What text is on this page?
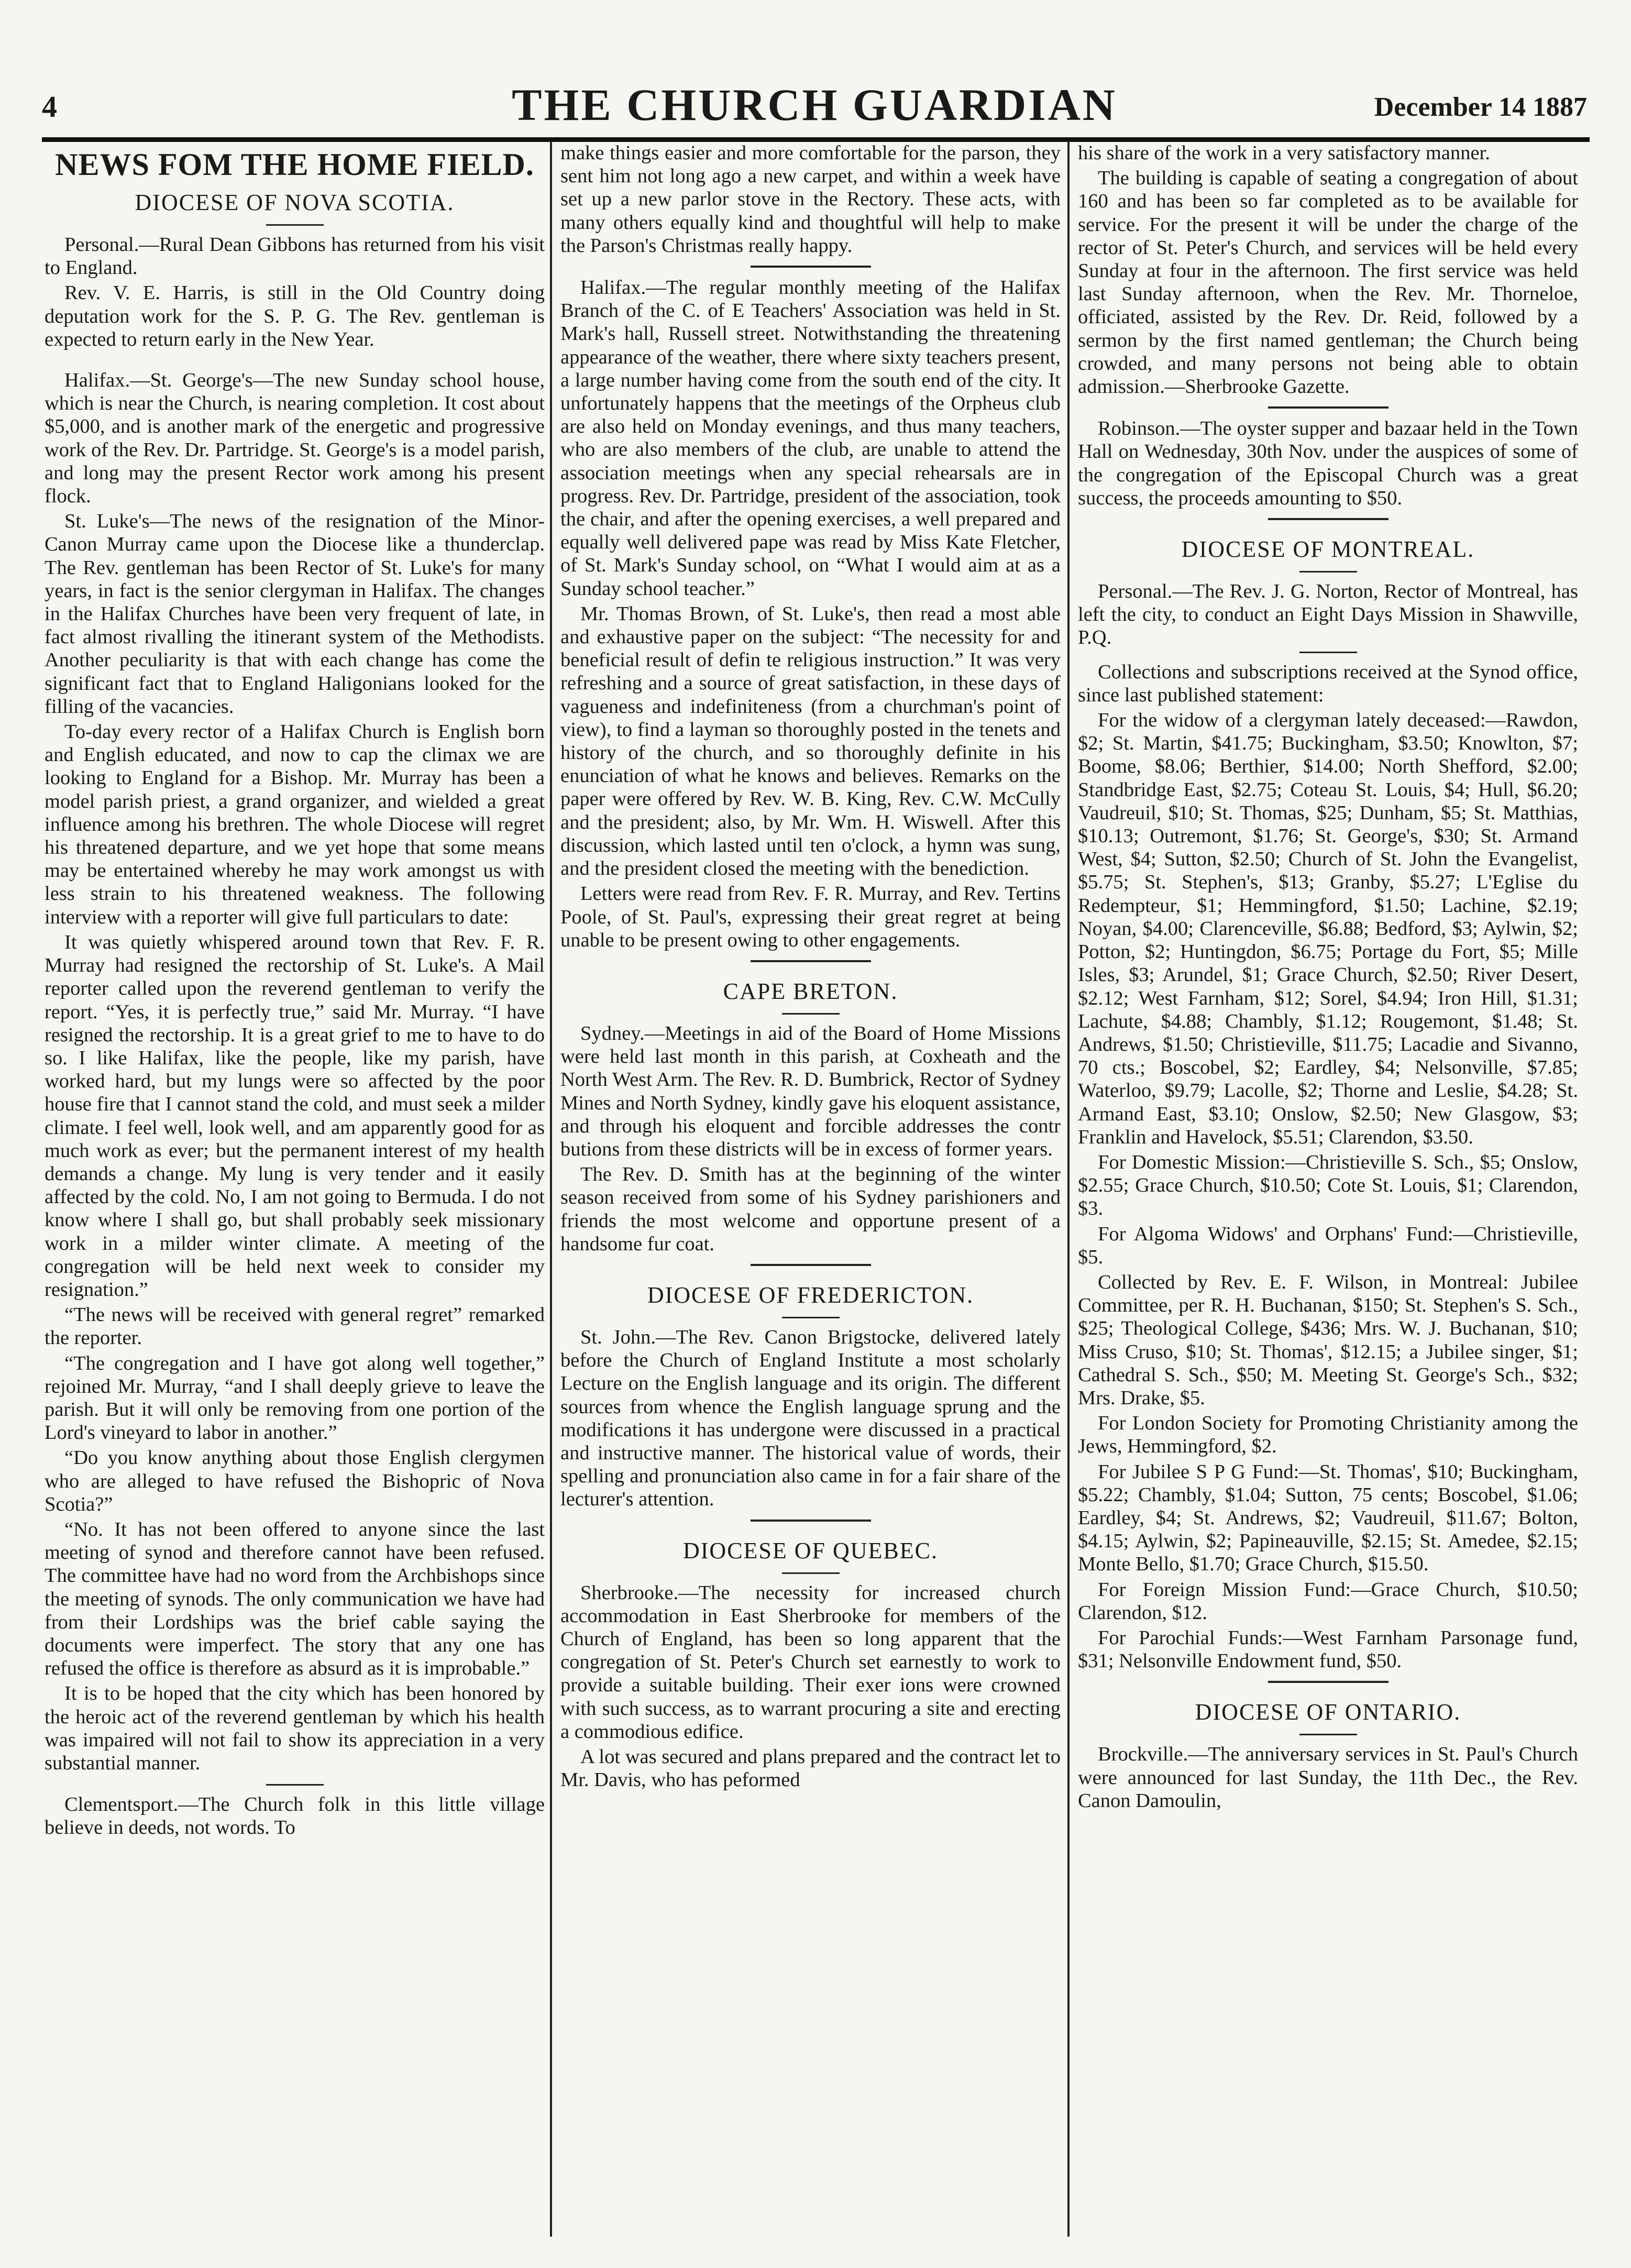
4	THE CHURCH GUARDIAN	December 14 1887
NEWS FOM THE HOME FIELD.
DIOCESE OF NOVA SCOTIA.

Personal.—Rural Dean Gibbons has returned from his visit to England.

Rev. V. E. Harris, is still in the Old Country doing deputation work for the S. P. G. The Rev. gentleman is expected to return early in the New Year.

Halifax.—St. George's—The new Sunday school house, which is near the Church, is nearing completion. It cost about $5,000, and is another mark of the energetic and progressive work of the Rev. Dr. Partridge. St. George's is a model parish, and long may the present Rector work among his present flock.

St. Luke's—The news of the resignation of the Minor-Canon Murray came upon the Diocese like a thunderclap. The Rev. gentleman has been Rector of St. Luke's for many years, in fact is the senior clergyman in Halifax. The changes in the Halifax Churches have been very frequent of late, in fact almost rivalling the itinerant system of the Methodists. Another peculiarity is that with each change has come the significant fact that to England Haligonians looked for the filling of the vacancies.

To-day every rector of a Halifax Church is English born and English educated, and now to cap the climax we are looking to England for a Bishop. Mr. Murray has been a model parish priest, a grand organizer, and wielded a great influence among his brethren. The whole Diocese will regret his threatened departure, and we yet hope that some means may be entertained whereby he may work amongst us with less strain to his threatened weakness. The following interview with a reporter will give full particulars to date:

It was quietly whispered around town that Rev. F. R. Murray had resigned the rectorship of St. Luke's. A Mail reporter called upon the reverend gentleman to verify the report. “Yes, it is perfectly true,” said Mr. Murray. “I have resigned the rectorship. It is a great grief to me to have to do so. I like Halifax, like the people, like my parish, have worked hard, but my lungs were so affected by the poor house fire that I cannot stand the cold, and must seek a milder climate. I feel well, look well, and am apparently good for as much work as ever; but the permanent interest of my health demands a change. My lung is very tender and it easily affected by the cold. No, I am not going to Bermuda. I do not know where I shall go, but shall probably seek missionary work in a milder winter climate. A meeting of the congregation will be held next week to consider my resignation.”

“The news will be received with general regret” remarked the reporter.

“The congregation and I have got along well together,” rejoined Mr. Murray, “and I shall deeply grieve to leave the parish. But it will only be removing from one portion of the Lord's vineyard to labor in another.”

“Do you know anything about those English clergymen who are alleged to have refused the Bishopric of Nova Scotia?”

“No. It has not been offered to anyone since the last meeting of synod and therefore cannot have been refused. The committee have had no word from the Archbishops since the meeting of synods. The only communication we have had from their Lordships was the brief cable saying the documents were imperfect. The story that any one has refused the office is therefore as absurd as it is improbable.”

It is to be hoped that the city which has been honored by the heroic act of the reverend gentleman by which his health was impaired will not fail to show its appreciation in a very substantial manner.

Clementsport.—The Church folk in this little village believe in deeds, not words. To

make things easier and more comfortable for the parson, they sent him not long ago a new carpet, and within a week have set up a new parlor stove in the Rectory. These acts, with many others equally kind and thoughtful will help to make the Parson's Christmas really happy.

Halifax.—The regular monthly meeting of the Halifax Branch of the C. of E Teachers' Association was held in St. Mark's hall, Russell street. Notwithstanding the threatening appearance of the weather, there where sixty teachers present, a large number having come from the south end of the city. It unfortunately happens that the meetings of the Orpheus club are also held on Monday evenings, and thus many teachers, who are also members of the club, are unable to attend the association meetings when any special rehearsals are in progress. Rev. Dr. Partridge, president of the association, took the chair, and after the opening exercises, a well prepared and equally well delivered pape was read by Miss Kate Fletcher, of St. Mark's Sunday school, on “What I would aim at as a Sunday school teacher.”

Mr. Thomas Brown, of St. Luke's, then read a most able and exhaustive paper on the subject: “The necessity for and beneficial result of defin te religious instruction.” It was very refreshing and a source of great satisfaction, in these days of vagueness and indefiniteness (from a churchman's point of view), to find a layman so thoroughly posted in the tenets and history of the church, and so thoroughly definite in his enunciation of what he knows and believes. Remarks on the paper were offered by Rev. W. B. King, Rev. C.W. McCully and the president; also, by Mr. Wm. H. Wiswell. After this discussion, which lasted until ten o'clock, a hymn was sung, and the president closed the meeting with the benediction.

Letters were read from Rev. F. R. Murray, and Rev. Tertins Poole, of St. Paul's, expressing their great regret at being unable to be present owing to other engagements.

CAPE BRETON.

Sydney.—Meetings in aid of the Board of Home Missions were held last month in this parish, at Coxheath and the North West Arm. The Rev. R. D. Bumbrick, Rector of Sydney Mines and North Sydney, kindly gave his eloquent assistance, and through his eloquent and forcible addresses the contr butions from these districts will be in excess of former years.

The Rev. D. Smith has at the beginning of the winter season received from some of his Sydney parishioners and friends the most welcome and opportune present of a handsome fur coat.

DIOCESE OF FREDERICTON.

St. John.—The Rev. Canon Brigstocke, delivered lately before the Church of England Institute a most scholarly Lecture on the English language and its origin. The different sources from whence the English language sprung and the modifications it has undergone were discussed in a practical and instructive manner. The historical value of words, their spelling and pronunciation also came in for a fair share of the lecturer's attention.

DIOCESE OF QUEBEC.

Sherbrooke.—The necessity for increased church accommodation in East Sherbrooke for members of the Church of England, has been so long apparent that the congregation of St. Peter's Church set earnestly to work to provide a suitable building. Their exer ions were crowned with such success, as to warrant procuring a site and erecting a commodious edifice.

A lot was secured and plans prepared and the contract let to Mr. Davis, who has peformed

his share of the work in a very satisfactory manner.

The building is capable of seating a congregation of about 160 and has been so far completed as to be available for service. For the present it will be under the charge of the rector of St. Peter's Church, and services will be held every Sunday at four in the afternoon. The first service was held last Sunday afternoon, when the Rev. Mr. Thorneloe, officiated, assisted by the Rev. Dr. Reid, followed by a sermon by the first named gentleman; the Church being crowded, and many persons not being able to obtain admission.—Sherbrooke Gazette.

Robinson.—The oyster supper and bazaar held in the Town Hall on Wednesday, 30th Nov. under the auspices of some of the congregation of the Episcopal Church was a great success, the proceeds amounting to $50.

DIOCESE OF MONTREAL.

Personal.—The Rev. J. G. Norton, Rector of Montreal, has left the city, to conduct an Eight Days Mission in Shawville, P.Q.

Collections and subscriptions received at the Synod office, since last published statement:

For the widow of a clergyman lately deceased:—Rawdon, $2; St. Martin, $41.75; Buckingham, $3.50; Knowlton, $7; Boome, $8.06; Berthier, $14.00; North Shefford, $2.00; Standbridge East, $2.75; Coteau St. Louis, $4; Hull, $6.20; Vaudreuil, $10; St. Thomas, $25; Dunham, $5; St. Matthias, $10.13; Outremont, $1.76; St. George's, $30; St. Armand West, $4; Sutton, $2.50; Church of St. John the Evangelist, $5.75; St. Stephen's, $13; Granby, $5.27; L'Eglise du Redempteur, $1; Hemmingford, $1.50; Lachine, $2.19; Noyan, $4.00; Clarenceville, $6.88; Bedford, $3; Aylwin, $2; Potton, $2; Huntingdon, $6.75; Portage du Fort, $5; Mille Isles, $3; Arundel, $1; Grace Church, $2.50; River Desert, $2.12; West Farnham, $12; Sorel, $4.94; Iron Hill, $1.31; Lachute, $4.88; Chambly, $1.12; Rougemont, $1.48; St. Andrews, $1.50; Christieville, $11.75; Lacadie and Sivanno, 70 cts.; Boscobel, $2; Eardley, $4; Nelsonville, $7.85; Waterloo, $9.79; Lacolle, $2; Thorne and Leslie, $4.28; St. Armand East, $3.10; Onslow, $2.50; New Glasgow, $3; Franklin and Havelock, $5.51; Clarendon, $3.50.

For Domestic Mission:—Christieville S. Sch., $5; Onslow, $2.55; Grace Church, $10.50; Cote St. Louis, $1; Clarendon, $3.

For Algoma Widows' and Orphans' Fund:—Christieville, $5.

Collected by Rev. E. F. Wilson, in Montreal: Jubilee Committee, per R. H. Buchanan, $150; St. Stephen's S. Sch., $25; Theological College, $436; Mrs. W. J. Buchanan, $10; Miss Cruso, $10; St. Thomas', $12.15; a Jubilee singer, $1; Cathedral S. Sch., $50; M. Meeting St. George's Sch., $32; Mrs. Drake, $5.

For London Society for Promoting Christianity among the Jews, Hemmingford, $2.

For Jubilee S P G Fund:—St. Thomas', $10; Buckingham, $5.22; Chambly, $1.04; Sutton, 75 cents; Boscobel, $1.06; Eardley, $4; St. Andrews, $2; Vaudreuil, $11.67; Bolton, $4.15; Aylwin, $2; Papineauville, $2.15; St. Amedee, $2.15; Monte Bello, $1.70; Grace Church, $15.50.

For Foreign Mission Fund:—Grace Church, $10.50; Clarendon, $12.

For Parochial Funds:—West Farnham Parsonage fund, $31; Nelsonville Endowment fund, $50.

DIOCESE OF ONTARIO.

Brockville.—The anniversary services in St. Paul's Church were announced for last Sunday, the 11th Dec., the Rev. Canon Damoulin,
